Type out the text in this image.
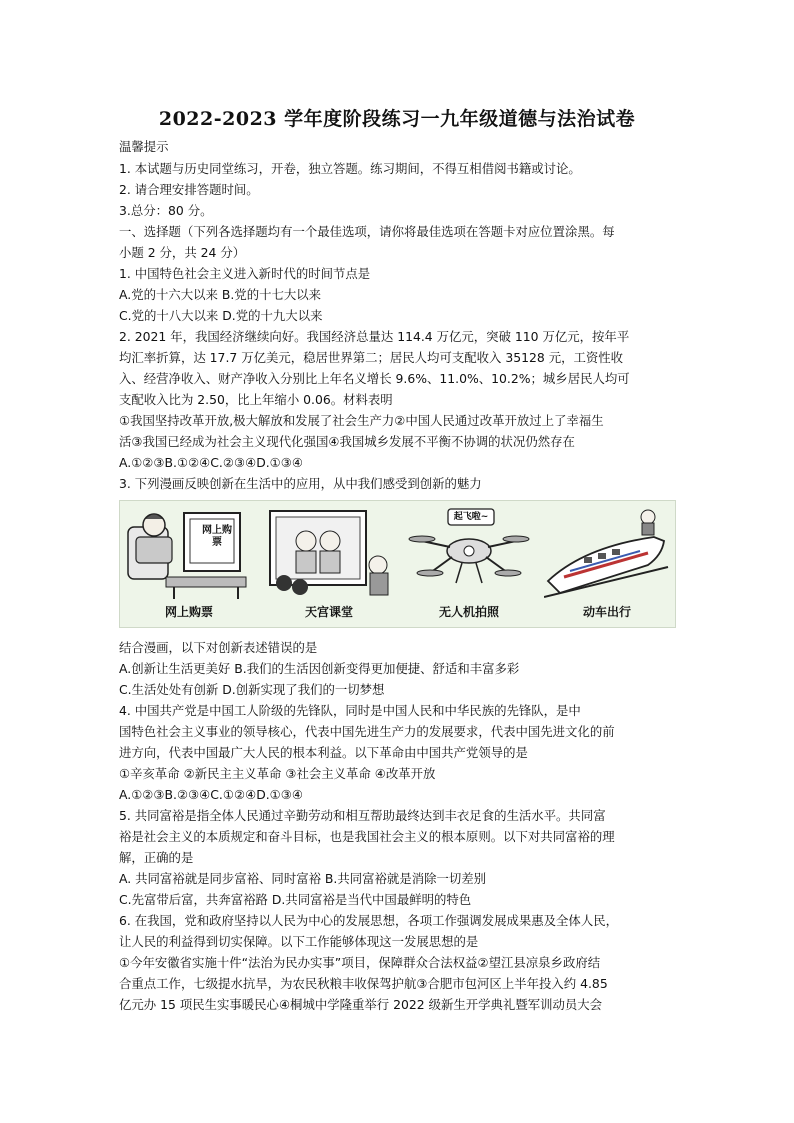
2022-2023 学年度阶段练习一九年级道德与法治试卷
温馨提示
1. 本试题与历史同堂练习，开卷，独立答题。练习期间，不得互相借阅书籍或讨论。
2. 请合理安排答题时间。
3.总分：80 分。
一、选择题（下列各选择题均有一个最佳选项，请你将最佳选项在答题卡对应位置涂黑。每
小题 2 分，共 24 分）
1. 中国特色社会主义进入新时代的时间节点是
A.党的十六大以来 B.党的十七大以来
C.党的十八大以来 D.党的十九大以来
2. 2021 年，我国经济继续向好。我国经济总量达 114.4 万亿元，突破 110 万亿元，按年平
均汇率折算，达 17.7 万亿美元，稳居世界第二；居民人均可支配收入 35128 元，工资性收
入、经营净收入、财产净收入分别比上年名义增长 9.6%、11.0%、10.2%；城乡居民人均可
支配收入比为 2.50，比上年缩小 0.06。材料表明
①我国坚持改革开放,极大解放和发展了社会生产力②中国人民通过改革开放过上了幸福生
活③我国已经成为社会主义现代化强国④我国城乡发展不平衡不协调的状况仍然存在
A.①②③B.①②④C.②③④D.①③④
3. 下列漫画反映创新在生活中的应用，从中我们感受到创新的魅力
网上购票
起飞啦~
网上购票	天宫课堂	无人机拍照	动车出行
结合漫画，以下对创新表述错误的是
A.创新让生活更美好 B.我们的生活因创新变得更加便捷、舒适和丰富多彩
C.生活处处有创新 D.创新实现了我们的一切梦想
4. 中国共产党是中国工人阶级的先锋队，同时是中国人民和中华民族的先锋队，是中
国特色社会主义事业的领导核心，代表中国先进生产力的发展要求，代表中国先进文化的前
进方向，代表中国最广大人民的根本利益。以下革命由中国共产党领导的是
①辛亥革命 ②新民主主义革命 ③社会主义革命 ④改革开放
A.①②③B.②③④C.①②④D.①③④
5. 共同富裕是指全体人民通过辛勤劳动和相互帮助最终达到丰衣足食的生活水平。共同富
裕是社会主义的本质规定和奋斗目标，也是我国社会主义的根本原则。以下对共同富裕的理
解，正确的是
A. 共同富裕就是同步富裕、同时富裕 B.共同富裕就是消除一切差别
C.先富带后富，共奔富裕路 D.共同富裕是当代中国最鲜明的特色
6. 在我国，党和政府坚持以人民为中心的发展思想，各项工作强调发展成果惠及全体人民，
让人民的利益得到切实保障。以下工作能够体现这一发展思想的是
①今年安徽省实施十件“法治为民办实事”项目，保障群众合法权益②望江县凉泉乡政府结
合重点工作，七级提水抗旱，为农民秋粮丰收保驾护航③合肥市包河区上半年投入约 4.85
亿元办 15 项民生实事暖民心④桐城中学隆重举行 2022 级新生开学典礼暨军训动员大会
